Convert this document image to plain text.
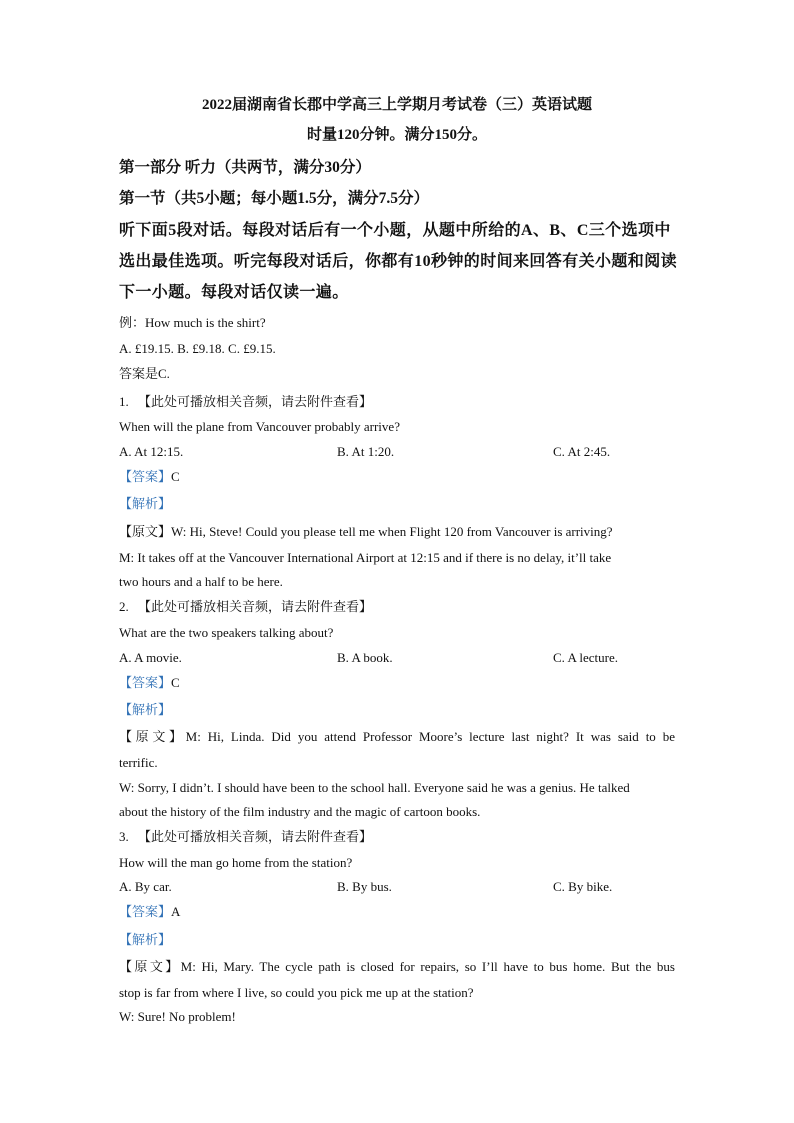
2022届湖南省长郡中学高三上学期月考试卷（三）英语试题
时量120分钟。满分150分。
第一部分 听力（共两节，满分30分）
第一节（共5小题；每小题1.5分，满分7.5分）
听下面5段对话。每段对话后有一个小题，从题中所给的A、B、C三个选项中
选出最佳选项。听完每段对话后，你都有10秒钟的时间来回答有关小题和阅读
下一小题。每段对话仅读一遍。
例：How much is the shirt?
A. £19.15. B. £9.18. C. £9.15.
答案是C.
1. 【此处可播放相关音频，请去附件查看】
When will the plane from Vancouver probably arrive?
A. At 12:15.	B. At 1:20.	C. At 2:45.
【答案】C
【解析】
【原文】W: Hi, Steve! Could you please tell me when Flight 120 from Vancouver is arriving?
M: It takes off at the Vancouver International Airport at 12:15 and if there is no delay, it’ll take
two hours and a half to be here.
2. 【此处可播放相关音频，请去附件查看】
What are the two speakers talking about?
A. A movie.	B. A book.	C. A lecture.
【答案】C
【解析】
【原文】M: Hi, Linda. Did you attend Professor Moore’s lecture last night? It was said to be
terrific.
W: Sorry, I didn’t. I should have been to the school hall. Everyone said he was a genius. He talked
about the history of the film industry and the magic of cartoon books.
3. 【此处可播放相关音频，请去附件查看】
How will the man go home from the station?
A. By car.	B. By bus.	C. By bike.
【答案】A
【解析】
【原文】M: Hi, Mary. The cycle path is closed for repairs, so I’ll have to bus home. But the bus
stop is far from where I live, so could you pick me up at the station?
W: Sure! No problem!
